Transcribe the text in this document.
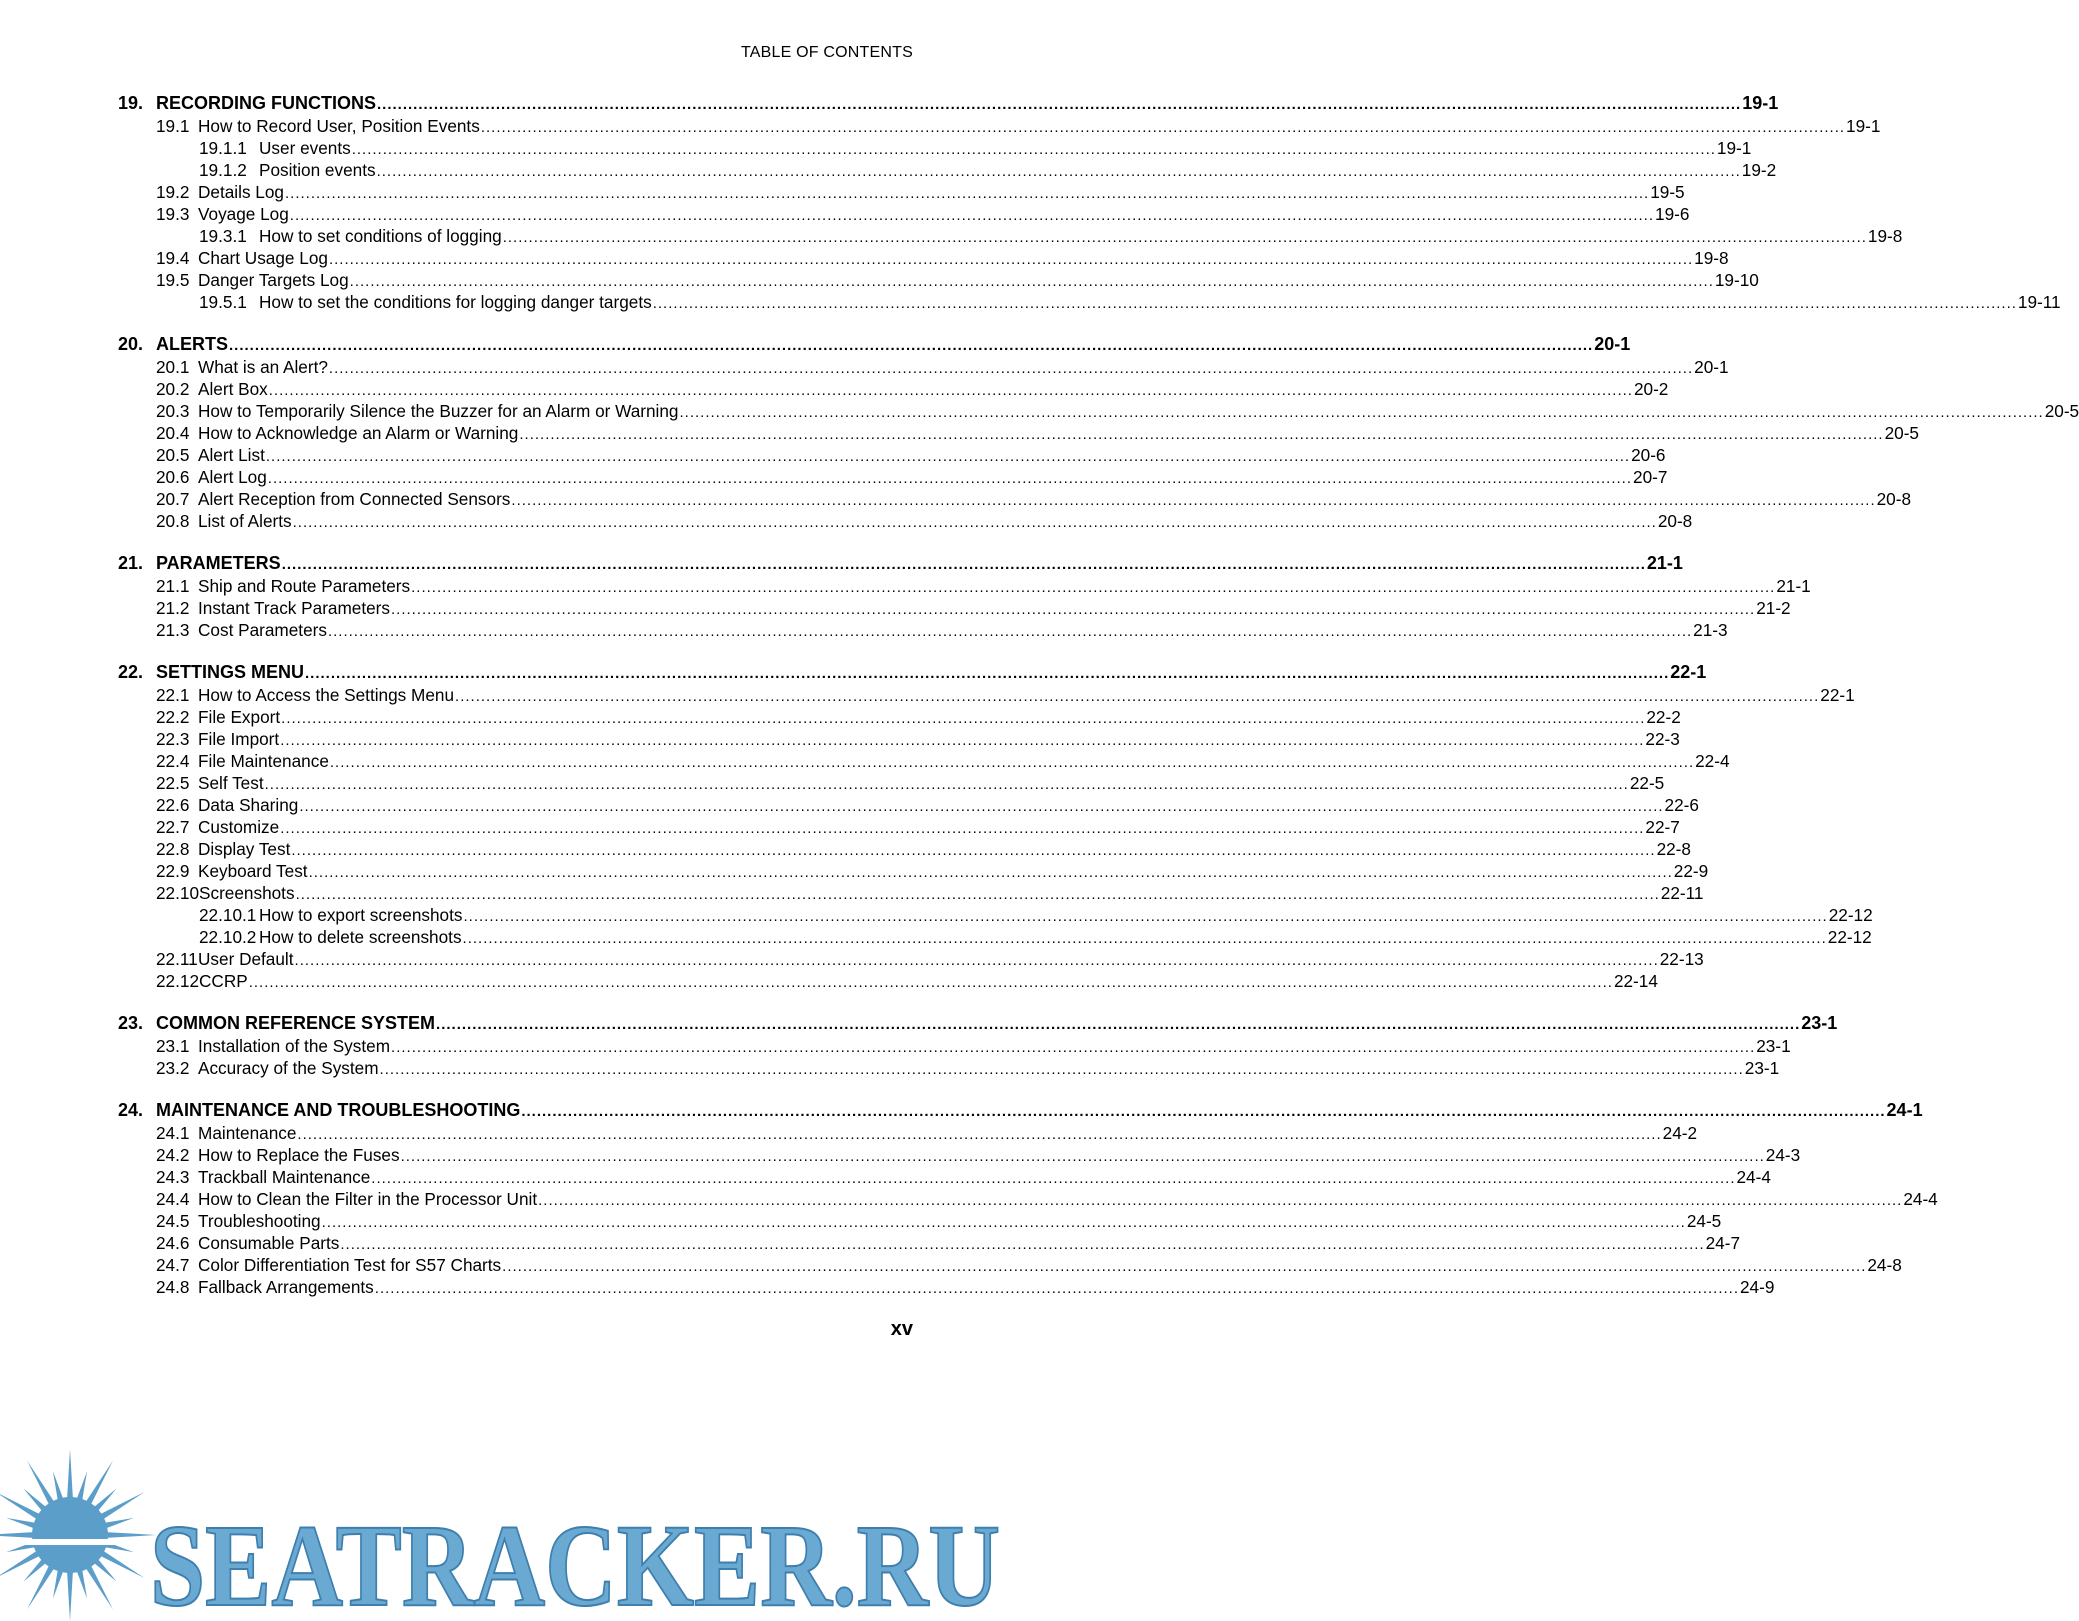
TABLE OF CONTENTS
19. RECORDING FUNCTIONS .....	19-1
19.1 How to Record User, Position Events .....	19-1
19.1.1 User events .....	19-1
19.1.2 Position events .....	19-2
19.2 Details Log .....	19-5
19.3 Voyage Log .....	19-6
19.3.1 How to set conditions of logging .....	19-8
19.4 Chart Usage Log .....	19-8
19.5 Danger Targets Log .....	19-10
19.5.1 How to set the conditions for logging danger targets .....	19-11
20. ALERTS .....	20-1
20.1 What is an Alert? .....	20-1
20.2 Alert Box .....	20-2
20.3 How to Temporarily Silence the Buzzer for an Alarm or Warning .....	20-5
20.4 How to Acknowledge an Alarm or Warning .....	20-5
20.5 Alert List .....	20-6
20.6 Alert Log .....	20-7
20.7 Alert Reception from Connected Sensors .....	20-8
20.8 List of Alerts .....	20-8
21. PARAMETERS .....	21-1
21.1 Ship and Route Parameters .....	21-1
21.2 Instant Track Parameters .....	21-2
21.3 Cost Parameters .....	21-3
22. SETTINGS MENU .....	22-1
22.1 How to Access the Settings Menu .....	22-1
22.2 File Export .....	22-2
22.3 File Import .....	22-3
22.4 File Maintenance .....	22-4
22.5 Self Test .....	22-5
22.6 Data Sharing .....	22-6
22.7 Customize .....	22-7
22.8 Display Test .....	22-8
22.9 Keyboard Test .....	22-9
22.10 Screenshots .....	22-11
22.10.1 How to export screenshots .....	22-12
22.10.2 How to delete screenshots .....	22-12
22.11 User Default .....	22-13
22.12 CCRP .....	22-14
23. COMMON REFERENCE SYSTEM .....	23-1
23.1 Installation of the System .....	23-1
23.2 Accuracy of the System .....	23-1
24. MAINTENANCE AND TROUBLESHOOTING .....	24-1
24.1 Maintenance .....	24-2
24.2 How to Replace the Fuses .....	24-3
24.3 Trackball Maintenance .....	24-4
24.4 How to Clean the Filter in the Processor Unit .....	24-4
24.5 Troubleshooting .....	24-5
24.6 Consumable Parts .....	24-7
24.7 Color Differentiation Test for S57 Charts .....	24-8
24.8 Fallback Arrangements .....	24-9
xv
SEATRACKER.RU
